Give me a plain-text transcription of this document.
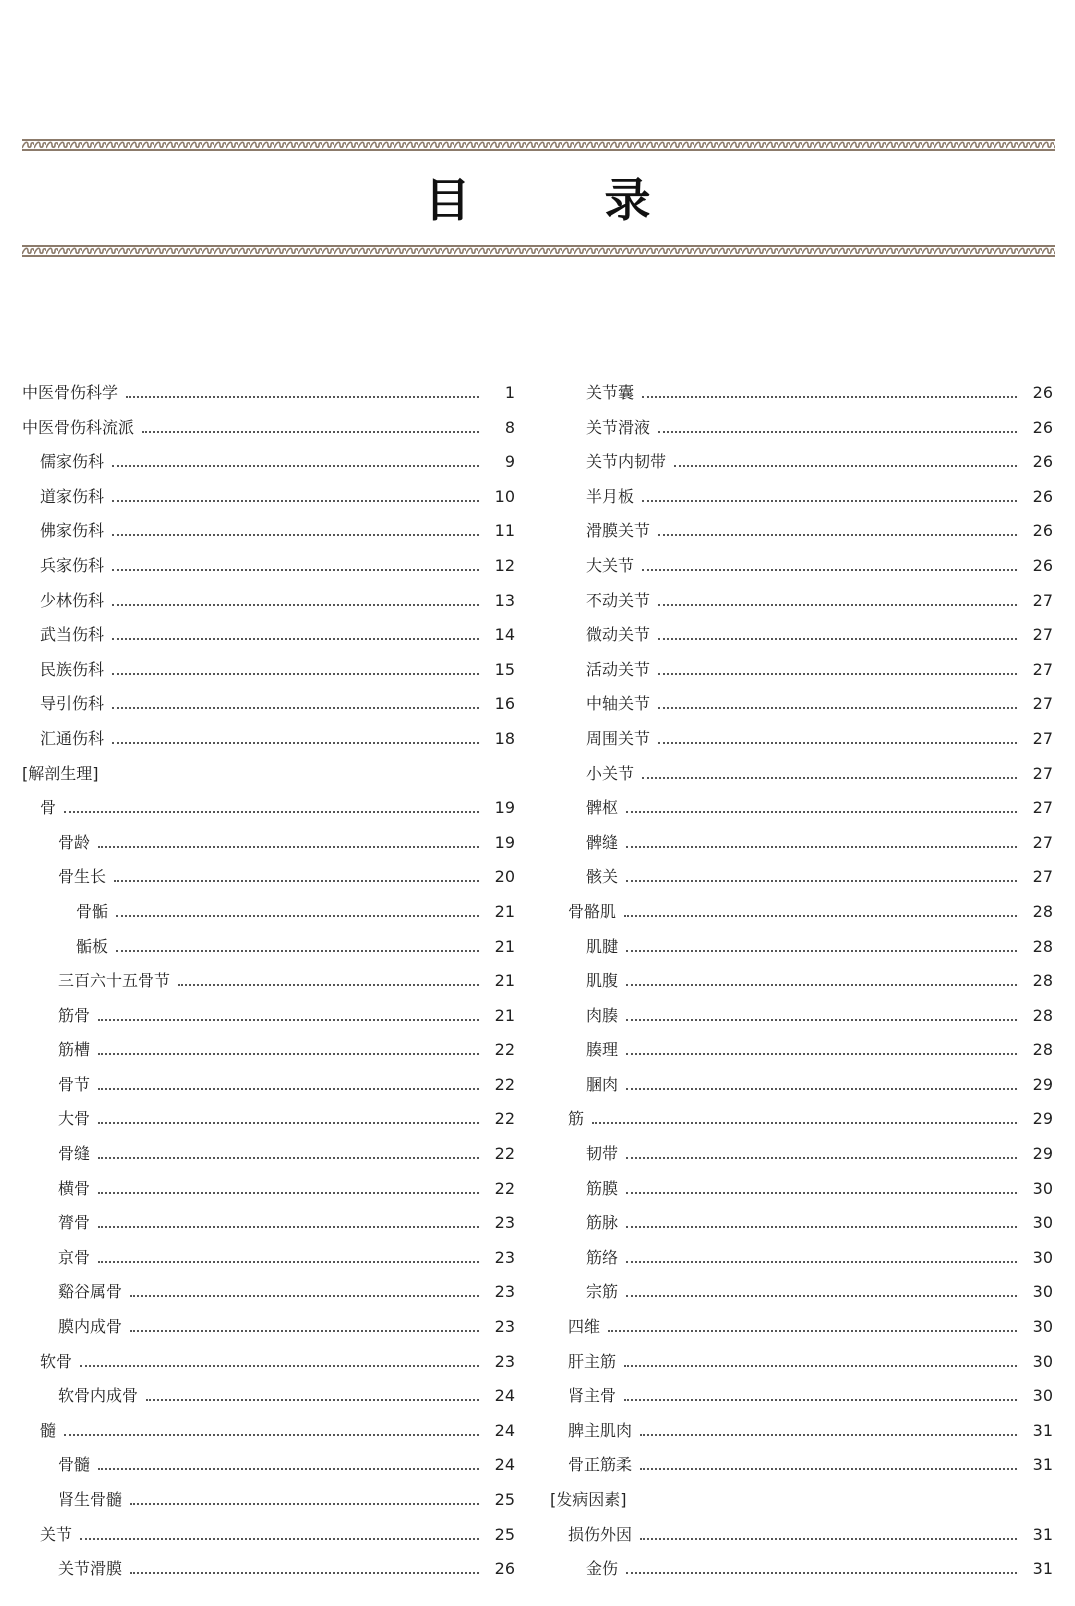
目　录
中医骨伤科学	1
中医骨伤科流派	8
儒家伤科	9
道家伤科	10
佛家伤科	11
兵家伤科	12
少林伤科	13
武当伤科	14
民族伤科	15
导引伤科	16
汇通伤科	18
[解剖生理]
骨	19
骨龄	19
骨生长	20
骨骺	21
骺板	21
三百六十五骨节	21
筋骨	21
筋槽	22
骨节	22
大骨	22
骨缝	22
横骨	22
膂骨	23
京骨	23
谿谷属骨	23
膜内成骨	23
软骨	23
软骨内成骨	24
髓	24
骨髓	24
肾生骨髓	25
关节	25
关节滑膜	26
关节囊	26
关节滑液	26
关节内韧带	26
半月板	26
滑膜关节	26
大关节	26
不动关节	27
微动关节	27
活动关节	27
中轴关节	27
周围关节	27
小关节	27
髀枢	27
髀缝	27
骸关	27
骨骼肌	28
肌腱	28
肌腹	28
肉腠	28
腠理	28
䐃肉	29
筋	29
韧带	29
筋膜	30
筋脉	30
筋络	30
宗筋	30
四维	30
肝主筋	30
肾主骨	30
脾主肌肉	31
骨正筋柔	31
[发病因素]
损伤外因	31
金伤	31
